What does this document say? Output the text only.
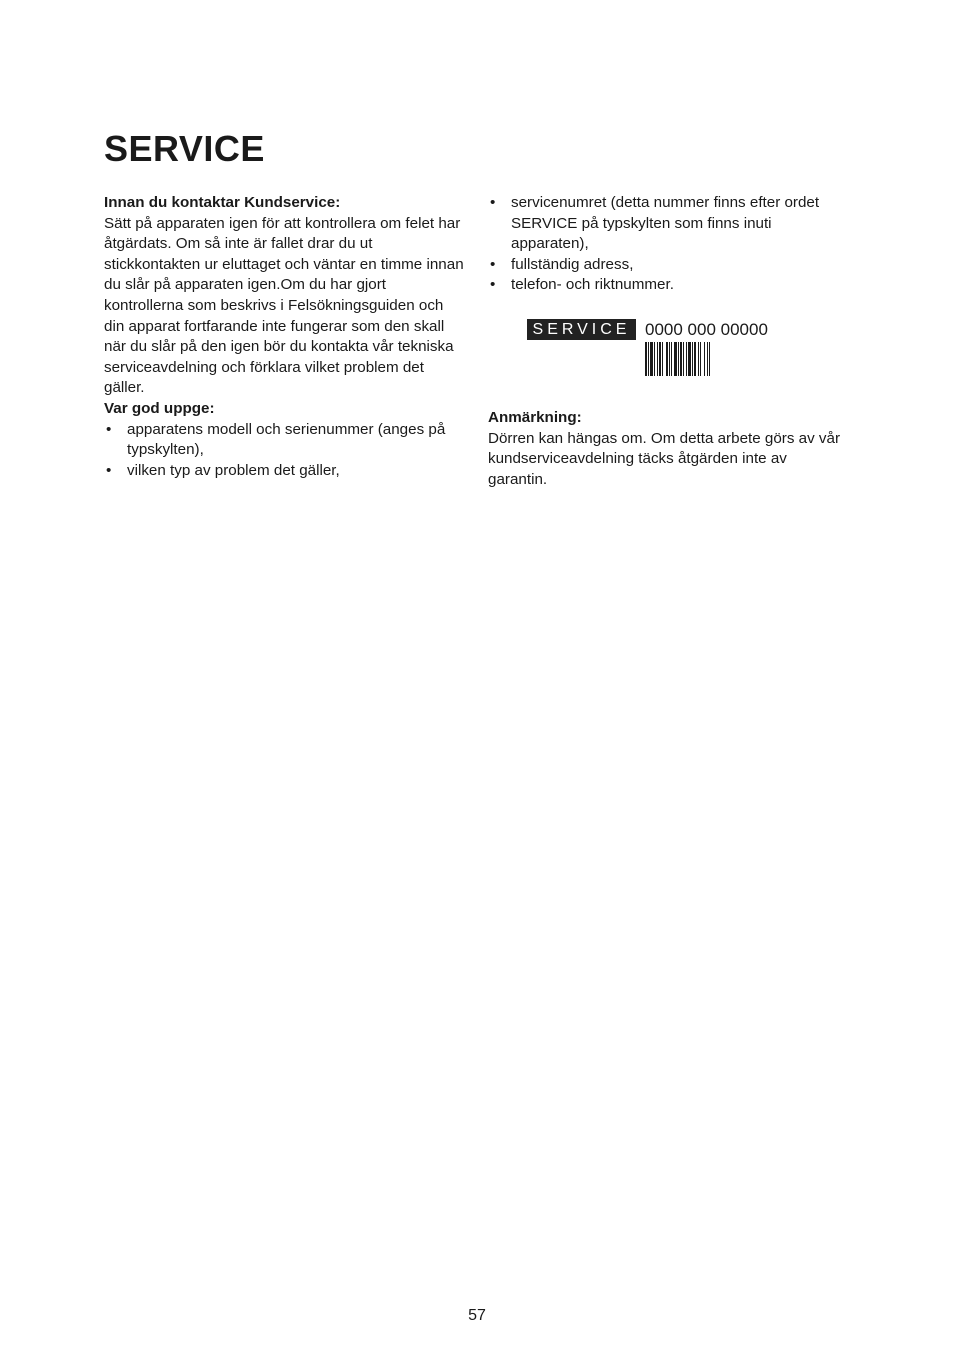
SERVICE

Innan du kontaktar Kundservice:

Sätt på apparaten igen för att kontrollera om felet har åtgärdats. Om så inte är fallet drar du ut stickkontakten ur eluttaget och väntar en timme innan du slår på apparaten igen.Om du har gjort kontrollerna som beskrivs i Felsökningsguiden och din apparat fortfarande inte fungerar som den skall när du slår på den igen bör du kontakta vår tekniska serviceavdelning och förklara vilket problem det gäller.

Var god uppge:

• apparatens modell och serienummer (anges på typskylten),
• vilken typ av problem det gäller,
• servicenumret (detta nummer finns efter ordet SERVICE på typskylten som finns inuti apparaten),
• fullständig adress,
• telefon- och riktnummer.

Anmärkning:

Dörren kan hängas om. Om detta arbete görs av vår kundserviceavdelning täcks åtgärden inte av garantin.

SERVICE 0000 000 00000
57
